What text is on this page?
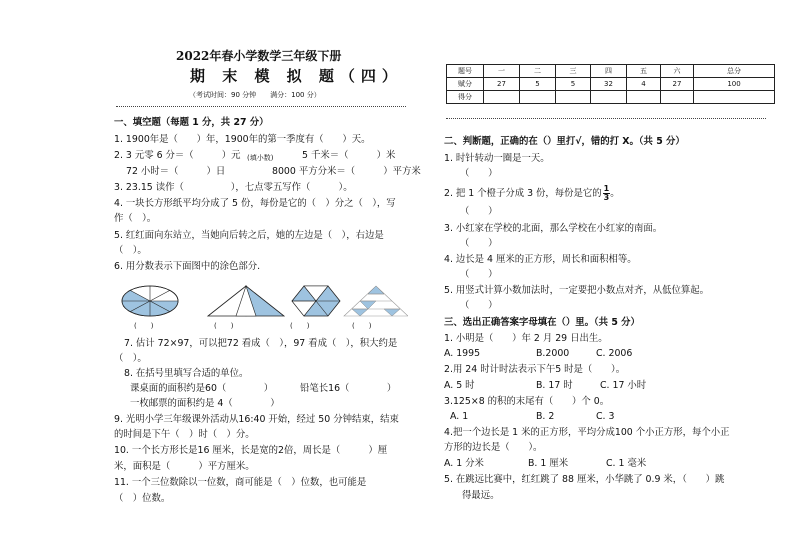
2022年春小学数学三年级下册
期 末 模 拟 题（四）
（考试时间：90 分钟　　满分：100 分）
题号	一	二	三	四	五	六	总分
赋分	27	5	5	32	4	27	100
得分							
一、填空题（每题 1 分，共 27 分）
1. 1900年是（　　）年，1900年的第一季度有（　　）天。
2. 3 元零 6 分＝（　　　）元 (填小数)	5 千米＝（　　　）米
72 小时＝（　　　）日	8000 平方分米＝（　　　）平方米
3. 23.15 读作（　　　　　），七点零五写作（　　　）。
4. 一块长方形纸平均分成了 5 份，每份是它的（　）分之（　），写
作（　）。
5. 红红面向东站立，当她向后转之后，她的左边是（　），右边是
（　）。
6. 用分数表示下面图中的涂色部分.
(　　)	(　　)	(　　)	(　　)
7. 估计 72×97，可以把72 看成（　），97 看成（　），积大约是
（　）。
8. 在括号里填写合适的单位。
课桌面的面积约是60（　　　　）	铅笔长16（　　　　）
一枚邮票的面积约是 4（　　　　）
9. 光明小学三年级课外活动从16:40 开始，经过 50 分钟结束，结束
的时间是下午（　）时（　）分。
10. 一个长方形长是16 厘米，长是宽的2倍，周长是（　　　）厘
米，面积是（　　　）平方厘米。
11. 一个三位数除以一位数，商可能是（　）位数，也可能是
（　）位数。
二、判断题，正确的在（）里打√，错的打 X。（共 5 分）
1. 时针转动一圈是一天。
（　　）
2. 把 1 个橙子分成 3 份，每份是它的 $\frac{1}{3}$ 。
（　　）
3. 小红家在学校的北面，那么学校在小红家的南面。
（　　）
4. 边长是 4 厘米的正方形，周长和面积相等。
（　　）
5. 用竖式计算小数加法时，一定要把小数点对齐，从低位算起。
（　　）
三、选出正确答案字母填在（）里。（共 5 分）
1. 小明是（　　）年 2 月 29 日出生。
A. 1995	B.2000	C. 2006
2.用 24 时计时法表示下午5 时是（　　）。
A. 5 时	B. 17 时	C. 17 小时
3.125×8 的积的末尾有（　　）个 0。
A. 1	B. 2	C. 3
4.把一个边长是 1 米的正方形，平均分成100 个小正方形，每个小正
方形的边长是（　　）。
A. 1 分米	B. 1 厘米	C. 1 毫米
5. 在跳远比赛中，红红跳了 88 厘米，小华跳了 0.9 米，（　　）跳
得最远。
